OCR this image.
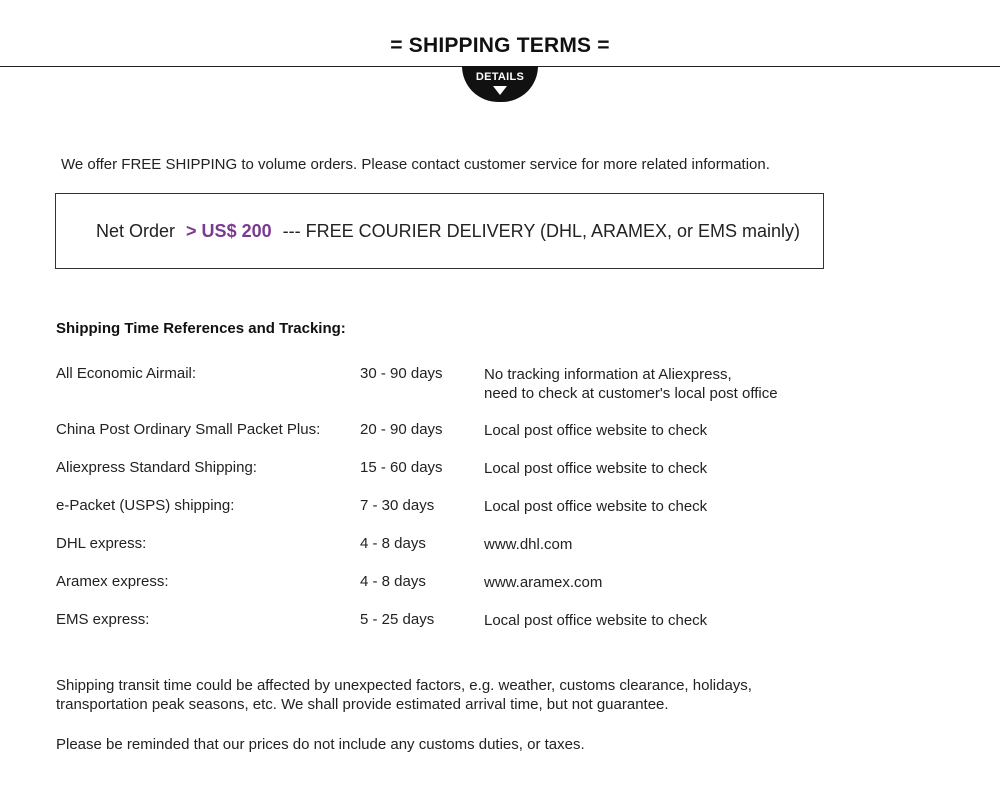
= SHIPPING TERMS =
DETAILS
We offer FREE SHIPPING to volume orders. Please contact customer service for more related information.
Net Order > US$ 200 --- FREE COURIER DELIVERY (DHL, ARAMEX, or EMS mainly)
Shipping Time References and Tracking:
All Economic Airmail:	30 - 90 days	No tracking information at Aliexpress,
need to check at customer's local post office
China Post Ordinary Small Packet Plus:	20 - 90 days	Local post office website to check
Aliexpress Standard Shipping:	15 - 60 days	Local post office website to check
e-Packet (USPS) shipping:	7 - 30 days	Local post office website to check
DHL express:	4 - 8 days	www.dhl.com
Aramex express:	4 - 8 days	www.aramex.com
EMS express:	5 - 25 days	Local post office website to check
Shipping transit time could be affected by unexpected factors, e.g. weather, customs clearance, holidays,
transportation peak seasons, etc. We shall provide estimated arrival time, but not guarantee.
Please be reminded that our prices do not include any customs duties, or taxes.
